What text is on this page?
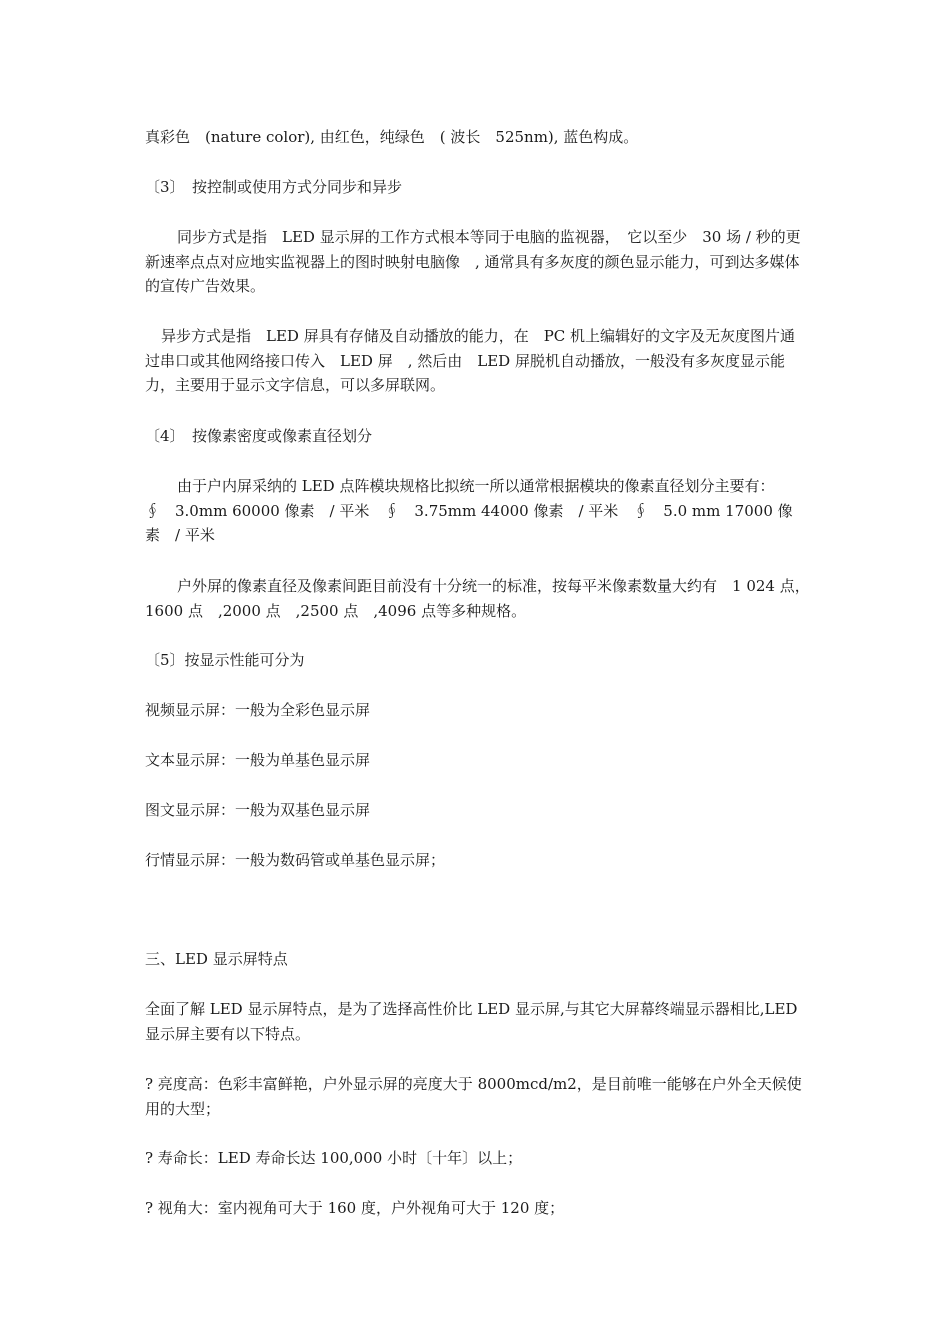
真彩色　(nature color), 由红色，纯绿色　( 波长　525nm), 蓝色构成。

〔3〕　按控制或使用方式分同步和异步

同步方式是指　LED 显示屏的工作方式根本等同于电脑的监视器，　它以至少　30 场 / 秒的更新速率点点对应地实监视器上的图时映射电脑像　, 通常具有多灰度的颜色显示能力，可到达多媒体的宣传广告效果。

异步方式是指　LED 屏具有存储及自动播放的能力，在　PC 机上编辑好的文字及无灰度图片通过串口或其他网络接口传入　LED 屏　, 然后由　LED 屏脱机自动播放，一般没有多灰度显示能力，主要用于显示文字信息，可以多屏联网。

〔4〕　按像素密度或像素直径划分

由于户内屏采纳的 LED 点阵模块规格比拟统一所以通常根据模块的像素直径划分主要有：　　　　　∮　3.0mm 60000 像素　/ 平米　∮　3.75mm 44000 像素　/ 平米　∮　5.0 mm 17000 像素　/ 平米

户外屏的像素直径及像素间距目前没有十分统一的标准，按每平米像素数量大约有　1 024 点，　1600 点　,2000 点　,2500 点　,4096 点等多种规格。

〔5〕按显示性能可分为

视频显示屏：一般为全彩色显示屏

文本显示屏：一般为单基色显示屏

图文显示屏：一般为双基色显示屏

行情显示屏：一般为数码管或单基色显示屏；

三、LED 显示屏特点

全面了解 LED 显示屏特点，是为了选择高性价比 LED 显示屏,与其它大屏幕终端显示器相比,LED 显示屏主要有以下特点。

? 亮度高：色彩丰富鲜艳，户外显示屏的亮度大于 8000mcd/m2，是目前唯一能够在户外全天候使用的大型；

? 寿命长：LED 寿命长达 100,000 小时〔十年〕以上；

? 视角大：室内视角可大于 160 度，户外视角可大于 120 度；
